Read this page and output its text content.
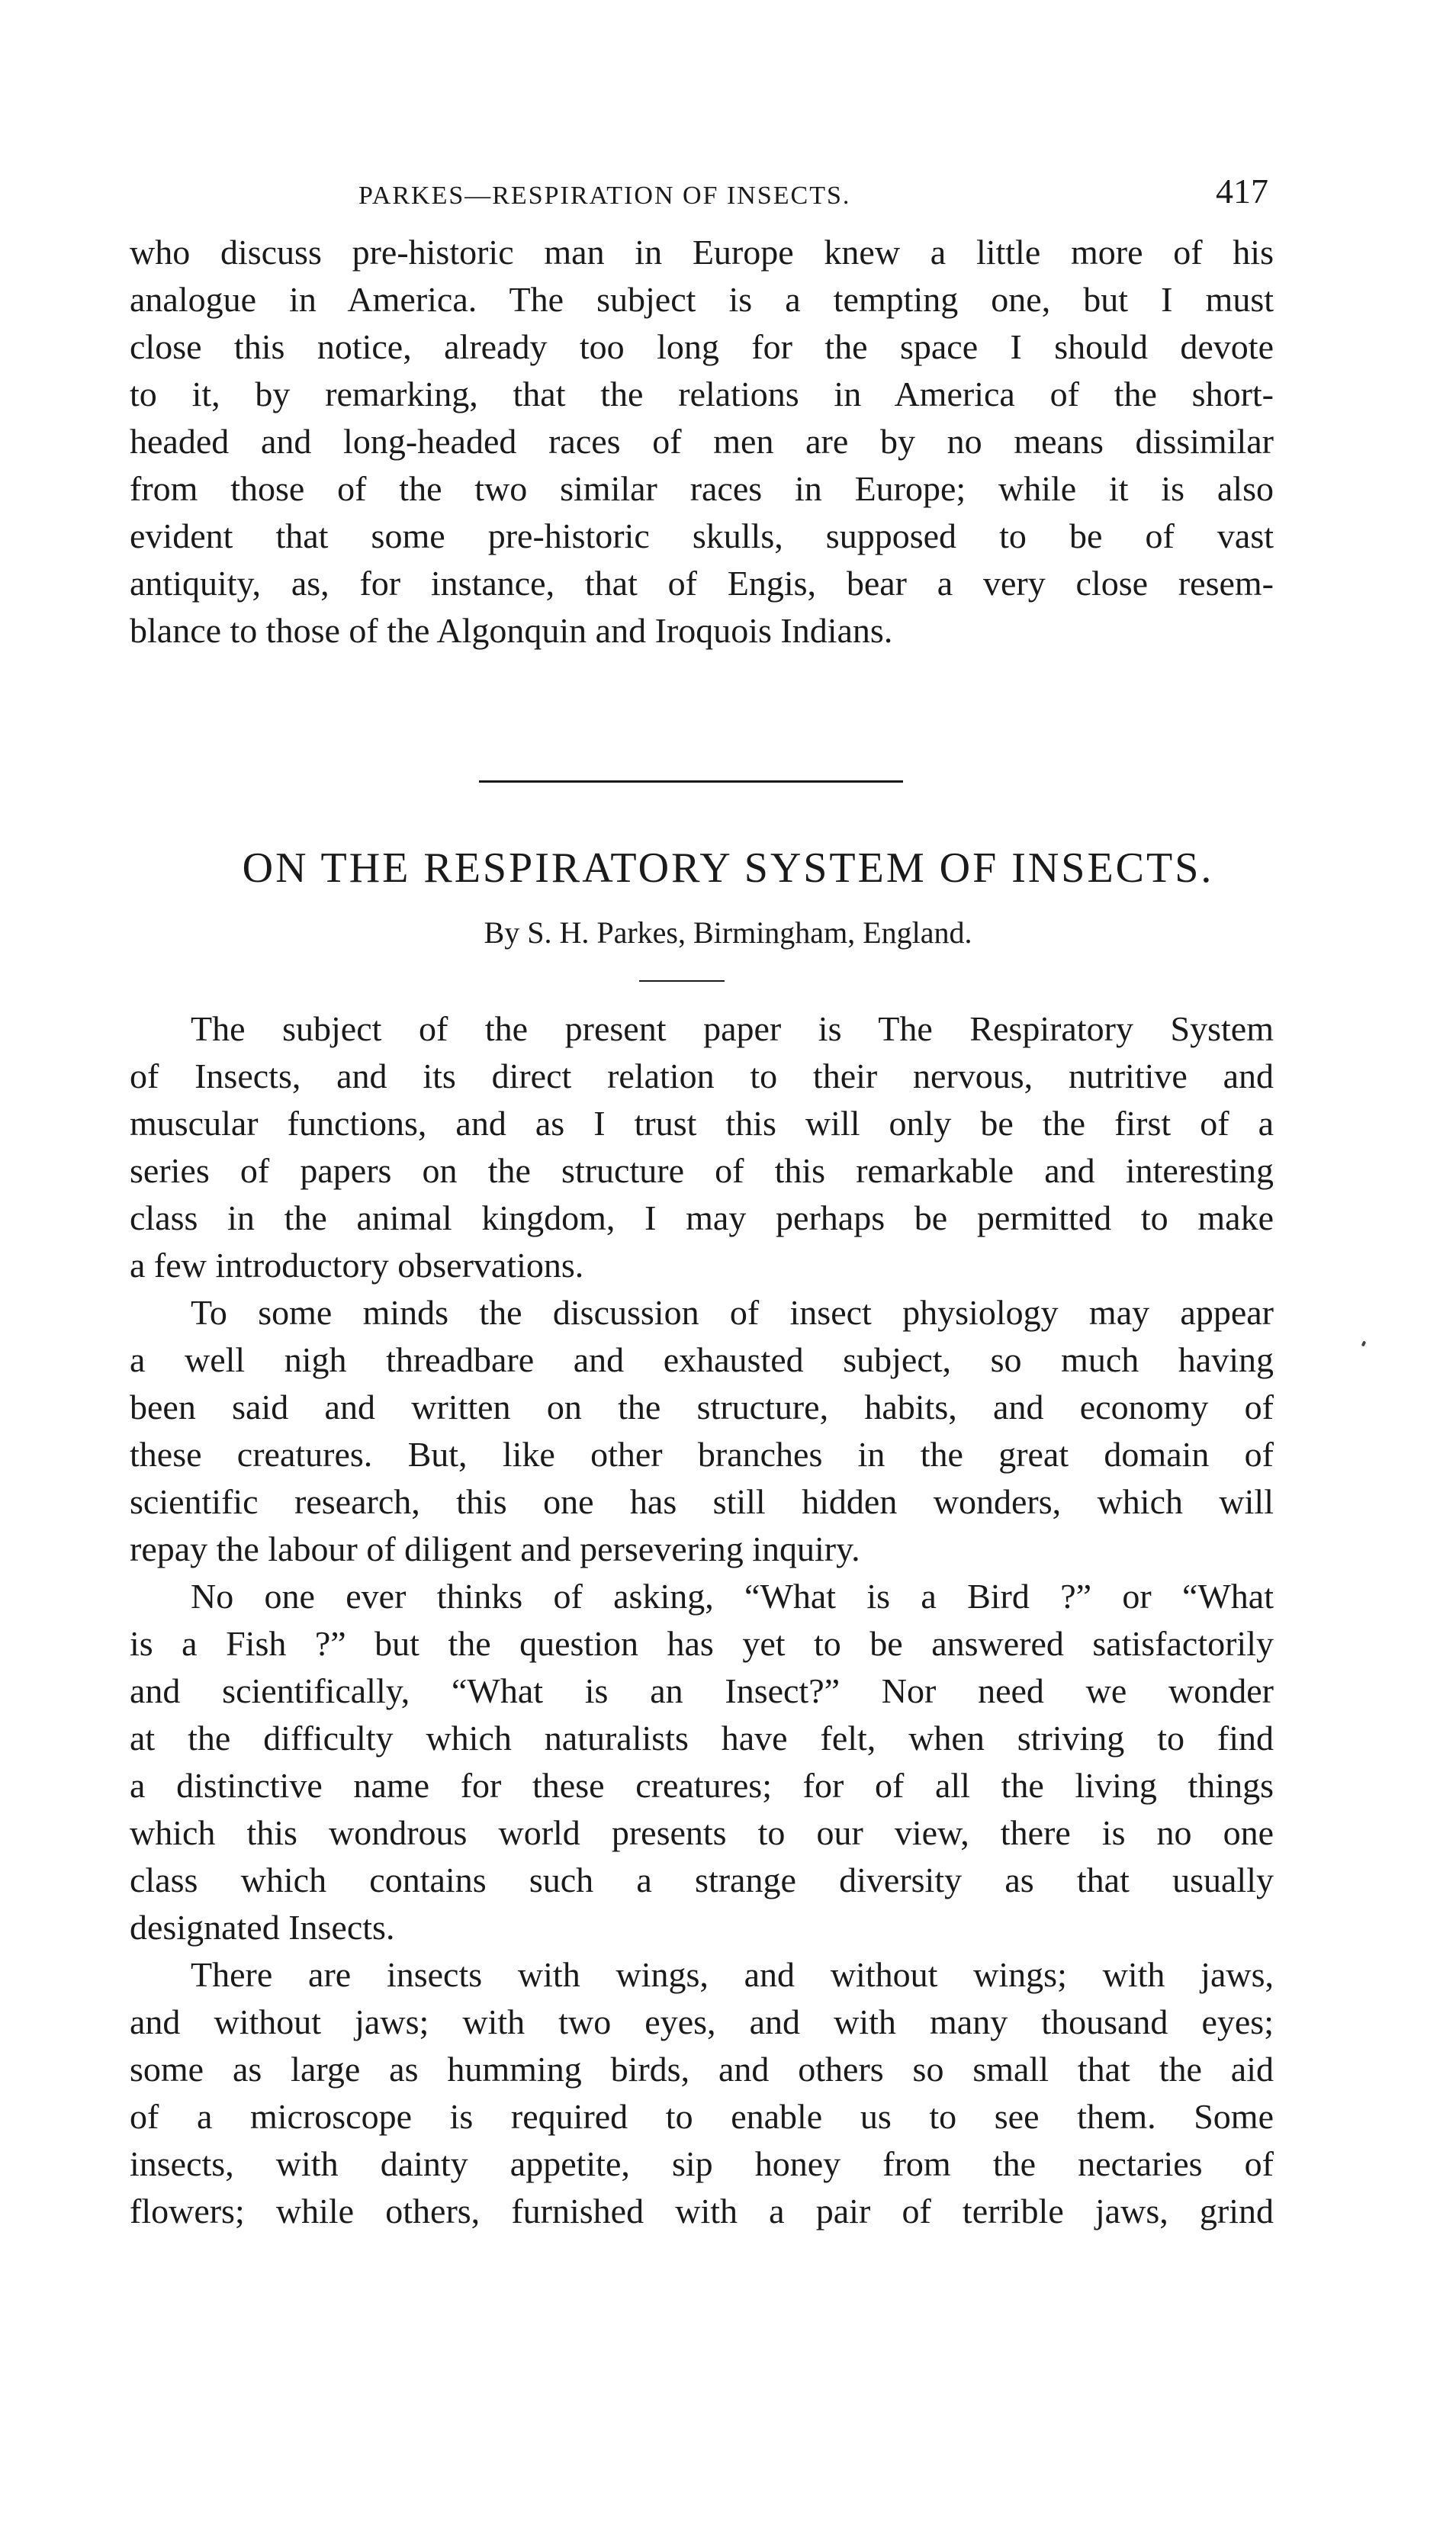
PARKES—RESPIRATION OF INSECTS.	417
who discuss pre-historic man in Europe knew a little more of his
analogue in America. The subject is a tempting one, but I must
close this notice, already too long for the space I should devote
to it, by remarking, that the relations in America of the short-
headed and long-headed races of men are by no means dissimilar
from those of the two similar races in Europe; while it is also
evident that some pre-historic skulls, supposed to be of vast
antiquity, as, for instance, that of Engis, bear a very close resem-
blance to those of the Algonquin and Iroquois Indians.
ON THE RESPIRATORY SYSTEM OF INSECTS.
By S. H. Parkes, Birmingham, England.
The subject of the present paper is The Respiratory System
of Insects, and its direct relation to their nervous, nutritive and
muscular functions, and as I trust this will only be the first of a
series of papers on the structure of this remarkable and interesting
class in the animal kingdom, I may perhaps be permitted to make
a few introductory observations.
To some minds the discussion of insect physiology may appear
a well nigh threadbare and exhausted subject, so much having
been said and written on the structure, habits, and economy of
these creatures. But, like other branches in the great domain of
scientific research, this one has still hidden wonders, which will
repay the labour of diligent and persevering inquiry.
No one ever thinks of asking, “What is a Bird ?” or “What
is a Fish ?” but the question has yet to be answered satisfactorily
and scientifically, “What is an Insect?” Nor need we wonder
at the difficulty which naturalists have felt, when striving to find
a distinctive name for these creatures; for of all the living things
which this wondrous world presents to our view, there is no one
class which contains such a strange diversity as that usually
designated Insects.
There are insects with wings, and without wings; with jaws,
and without jaws; with two eyes, and with many thousand eyes;
some as large as humming birds, and others so small that the aid
of a microscope is required to enable us to see them. Some
insects, with dainty appetite, sip honey from the nectaries of
flowers; while others, furnished with a pair of terrible jaws, grind
